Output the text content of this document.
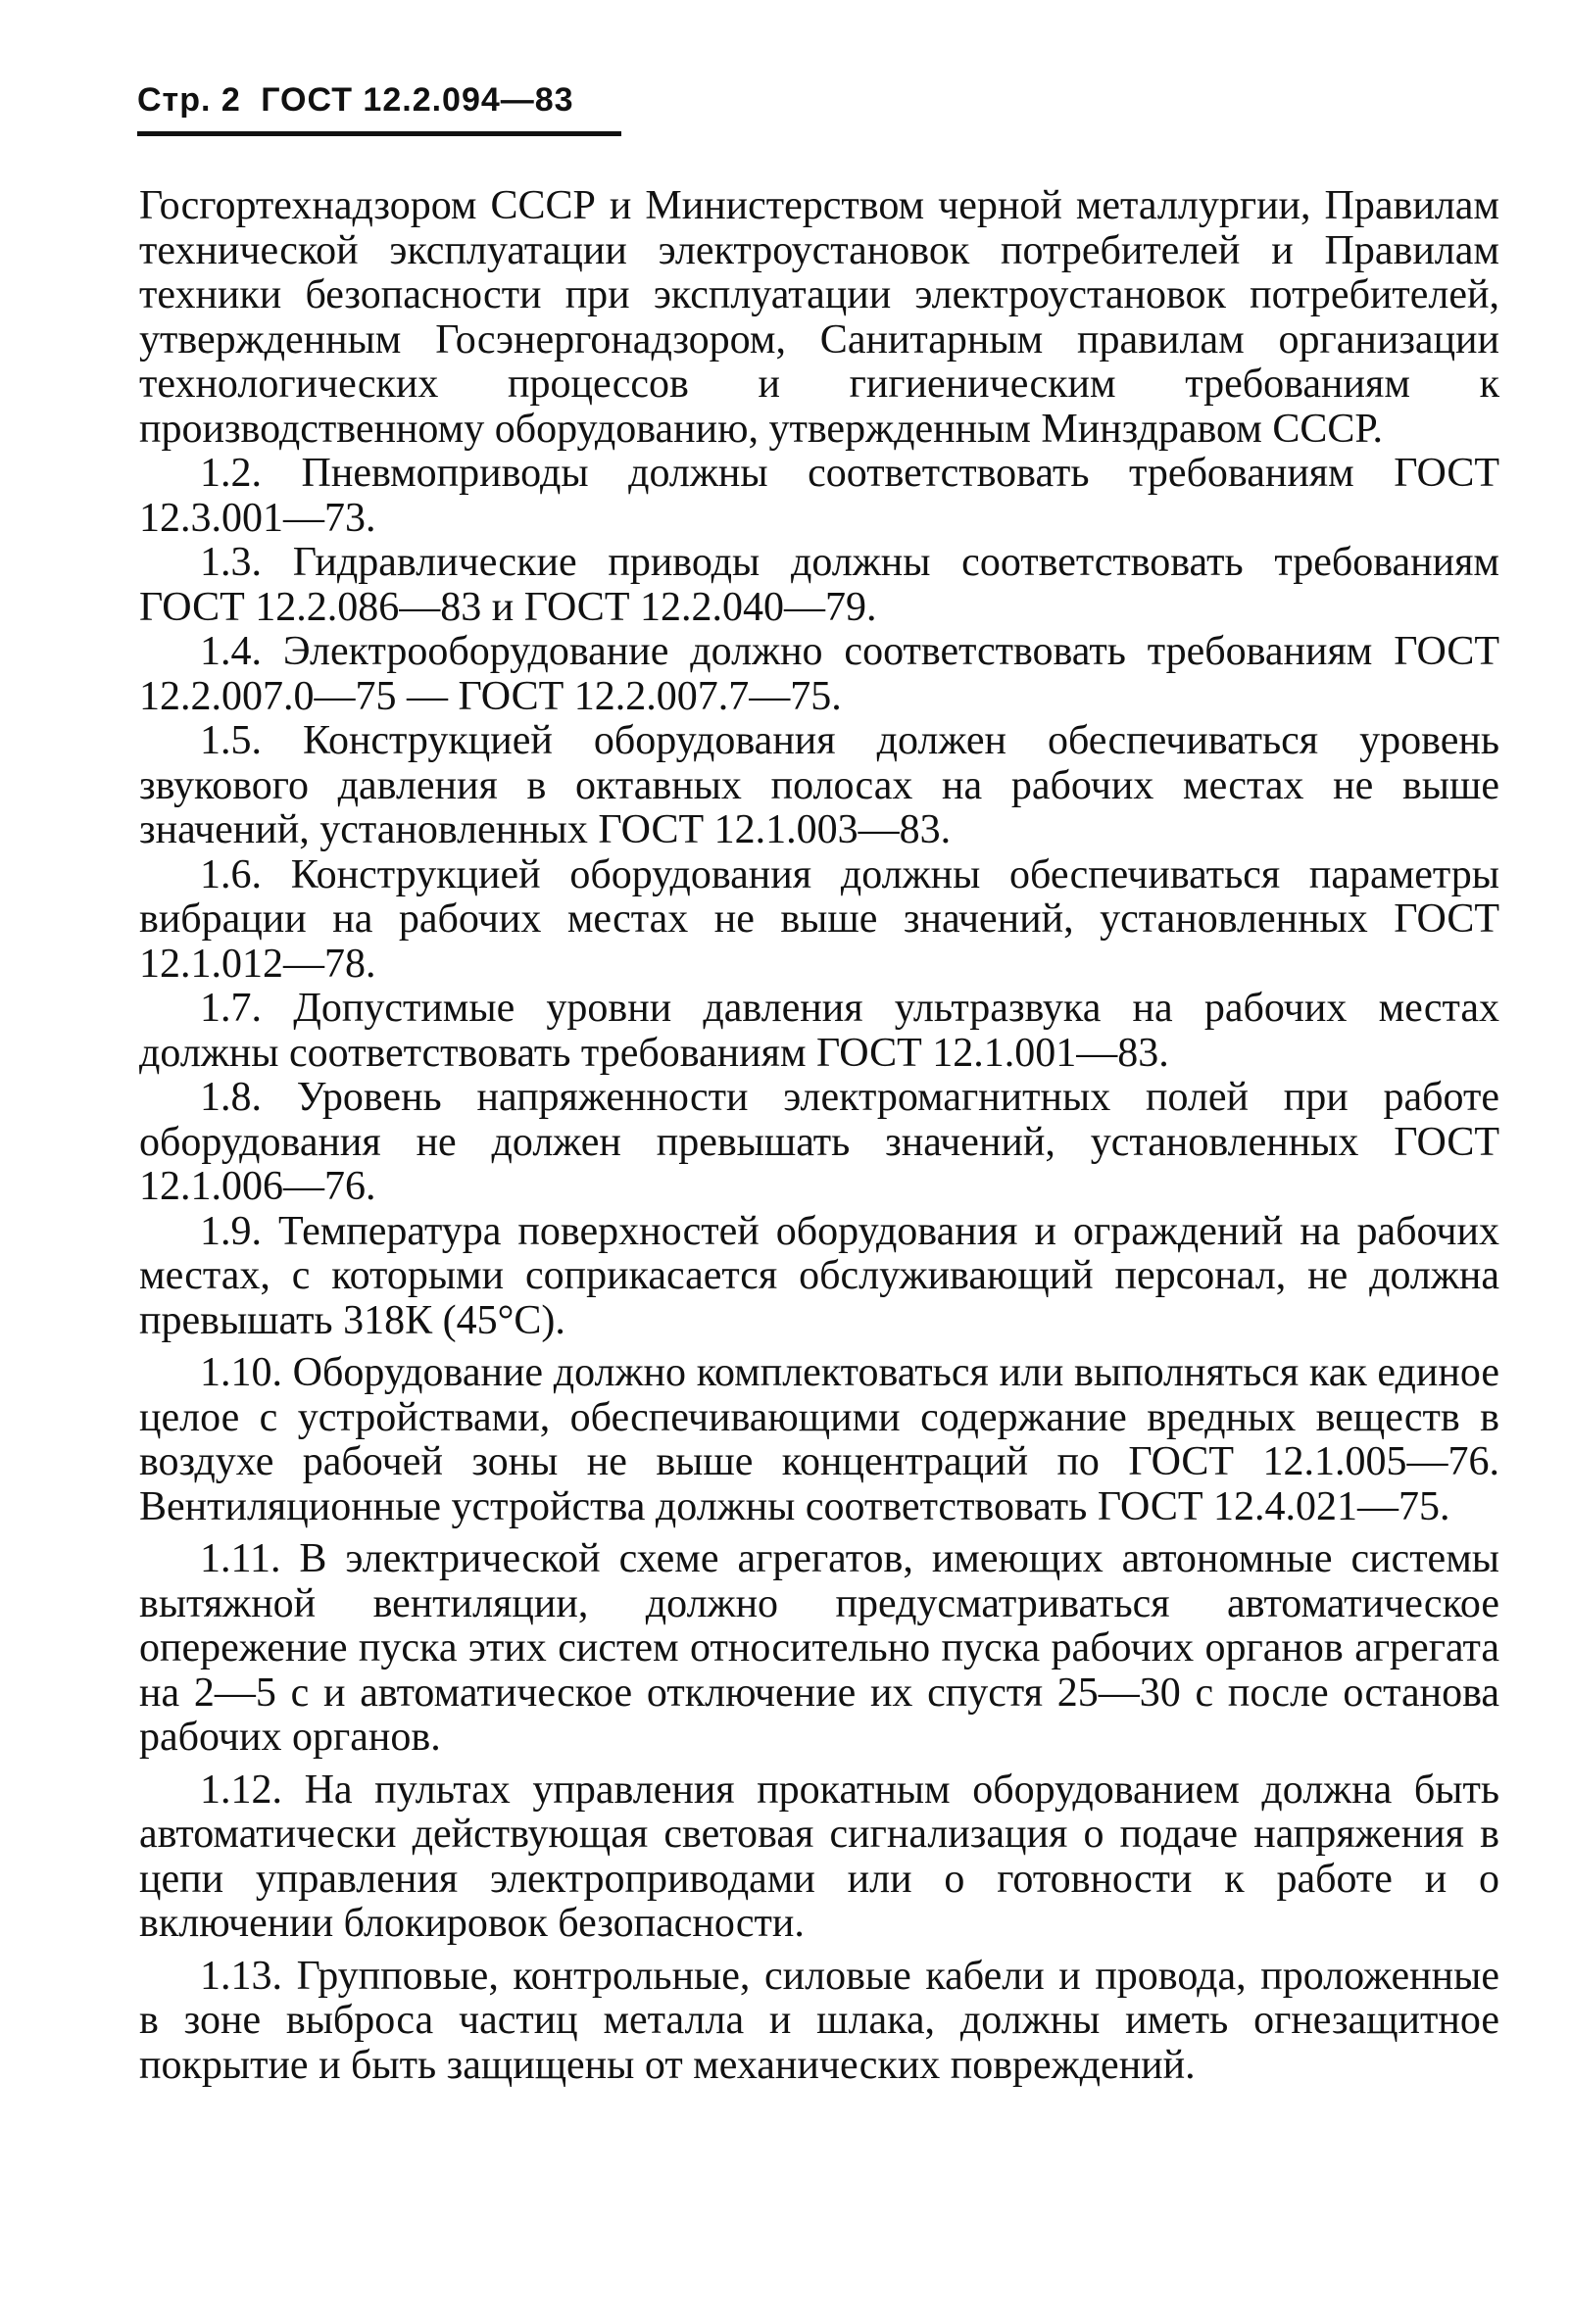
Стр. 2 ГОСТ 12.2.094—83

Госгортехнадзором СССР и Министерством черной металлургии, Правилам технической эксплуатации электроустановок потребителей и Правилам техники безопасности при эксплуатации электроустановок потребителей, утвержденным Госэнергонадзором, Санитарным правилам организации технологических процессов и гигиеническим требованиям к производственному оборудованию, утвержденным Минздравом СССР.

1.2. Пневмоприводы должны соответствовать требованиям ГОСТ 12.3.001—73.

1.3. Гидравлические приводы должны соответствовать требованиям ГОСТ 12.2.086—83 и ГОСТ 12.2.040—79.

1.4. Электрооборудование должно соответствовать требованиям ГОСТ 12.2.007.0—75 — ГОСТ 12.2.007.7—75.

1.5. Конструкцией оборудования должен обеспечиваться уровень звукового давления в октавных полосах на рабочих местах не выше значений, установленных ГОСТ 12.1.003—83.

1.6. Конструкцией оборудования должны обеспечиваться параметры вибрации на рабочих местах не выше значений, установленных ГОСТ 12.1.012—78.

1.7. Допустимые уровни давления ультразвука на рабочих местах должны соответствовать требованиям ГОСТ 12.1.001—83.

1.8. Уровень напряженности электромагнитных полей при работе оборудования не должен превышать значений, установленных ГОСТ 12.1.006—76.

1.9. Температура поверхностей оборудования и ограждений на рабочих местах, с которыми соприкасается обслуживающий персонал, не должна превышать 318К (45°С).

1.10. Оборудование должно комплектоваться или выполняться как единое целое с устройствами, обеспечивающими содержание вредных веществ в воздухе рабочей зоны не выше концентраций по ГОСТ 12.1.005—76. Вентиляционные устройства должны соответствовать ГОСТ 12.4.021—75.

1.11. В электрической схеме агрегатов, имеющих автономные системы вытяжной вентиляции, должно предусматриваться автоматическое опережение пуска этих систем относительно пуска рабочих органов агрегата на 2—5 с и автоматическое отключение их спустя 25—30 с после останова рабочих органов.

1.12. На пультах управления прокатным оборудованием должна быть автоматически действующая световая сигнализация о подаче напряжения в цепи управления электроприводами или о готовности к работе и о включении блокировок безопасности.

1.13. Групповые, контрольные, силовые кабели и провода, проложенные в зоне выброса частиц металла и шлака, должны иметь огнезащитное покрытие и быть защищены от механических повреждений.
